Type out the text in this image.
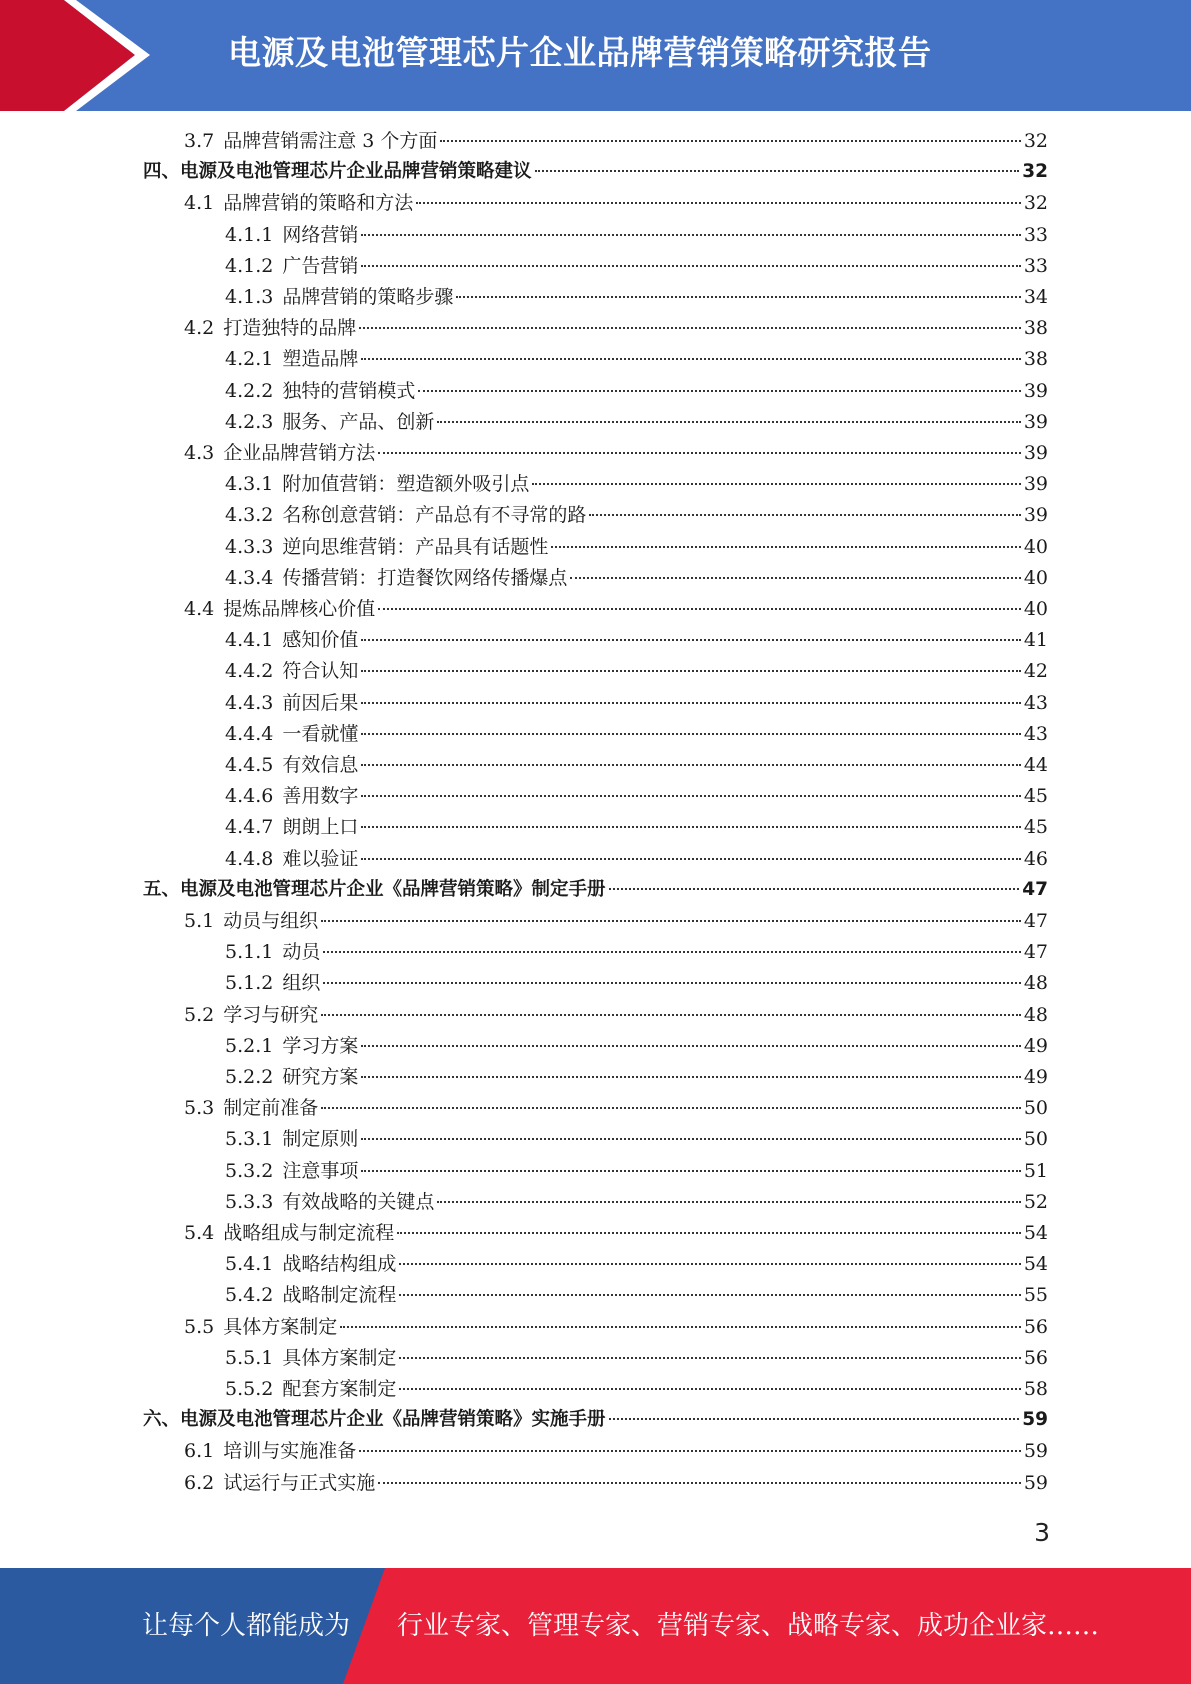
电源及电池管理芯片企业品牌营销策略研究报告
3.7 品牌营销需注意 3 个方面	32
四、电源及电池管理芯片企业品牌营销策略建议	32
4.1 品牌营销的策略和方法	32
4.1.1 网络营销	33
4.1.2 广告营销	33
4.1.3 品牌营销的策略步骤	34
4.2 打造独特的品牌	38
4.2.1 塑造品牌	38
4.2.2 独特的营销模式	39
4.2.3 服务、产品、创新	39
4.3 企业品牌营销方法	39
4.3.1 附加值营销：塑造额外吸引点	39
4.3.2 名称创意营销：产品总有不寻常的路	39
4.3.3 逆向思维营销：产品具有话题性	40
4.3.4 传播营销：打造餐饮网络传播爆点	40
4.4 提炼品牌核心价值	40
4.4.1 感知价值	41
4.4.2 符合认知	42
4.4.3 前因后果	43
4.4.4 一看就懂	43
4.4.5 有效信息	44
4.4.6 善用数字	45
4.4.7 朗朗上口	45
4.4.8 难以验证	46
五、电源及电池管理芯片企业《品牌营销策略》制定手册	47
5.1 动员与组织	47
5.1.1 动员	47
5.1.2 组织	48
5.2 学习与研究	48
5.2.1 学习方案	49
5.2.2 研究方案	49
5.3 制定前准备	50
5.3.1 制定原则	50
5.3.2 注意事项	51
5.3.3 有效战略的关键点	52
5.4 战略组成与制定流程	54
5.4.1 战略结构组成	54
5.4.2 战略制定流程	55
5.5 具体方案制定	56
5.5.1 具体方案制定	56
5.5.2 配套方案制定	58
六、电源及电池管理芯片企业《品牌营销策略》实施手册	59
6.1 培训与实施准备	59
6.2 试运行与正式实施	59
3
让每个人都能成为 行业专家、管理专家、营销专家、战略专家、成功企业家……
